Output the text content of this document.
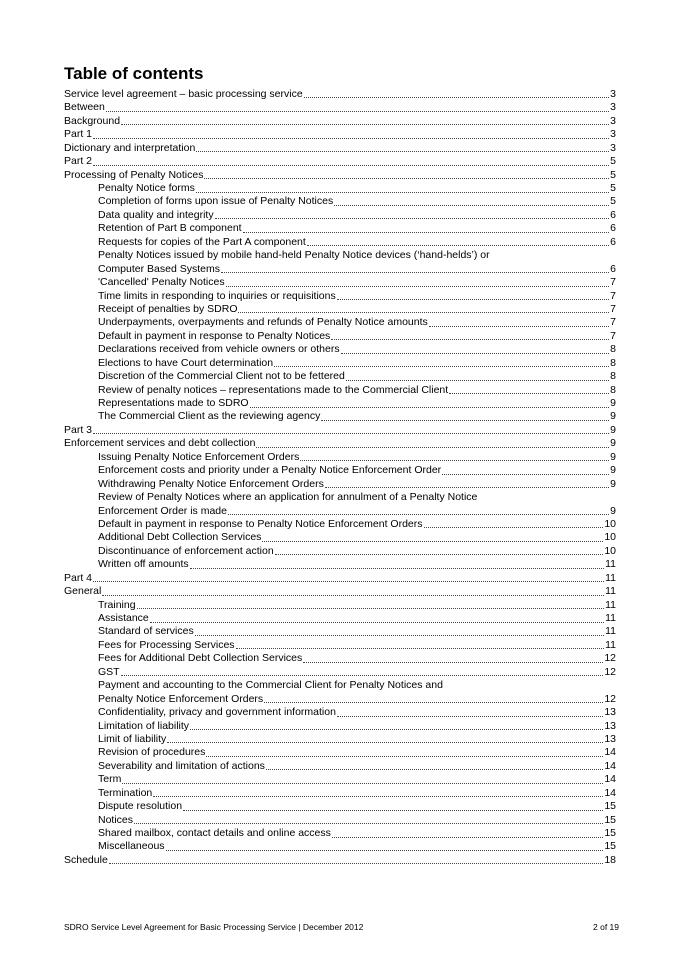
Table of contents
Service level agreement – basic processing service	3
Between	3
Background	3
Part 1	3
Dictionary and interpretation	3
Part 2	5
Processing of Penalty Notices	5
Penalty Notice forms	5
Completion of forms upon issue of Penalty Notices	5
Data quality and integrity	6
Retention of Part B component	6
Requests for copies of the Part A component	6
Penalty Notices issued by mobile hand-held Penalty Notice devices (‘hand-helds’) or
Computer Based Systems	6
'Cancelled' Penalty Notices	7
Time limits in responding to inquiries or requisitions	7
Receipt of penalties by SDRO	7
Underpayments, overpayments and refunds of Penalty Notice amounts	7
Default in payment in response to Penalty Notices	7
Declarations received from vehicle owners or others	8
Elections to have Court determination	8
Discretion of the Commercial Client not to be fettered	8
Review of penalty notices – representations made to the Commercial Client	8
Representations made to SDRO	9
The Commercial Client as the reviewing agency	9
Part 3	9
Enforcement services and debt collection	9
Issuing Penalty Notice Enforcement Orders	9
Enforcement costs and priority under a Penalty Notice Enforcement Order	9
Withdrawing Penalty Notice Enforcement Orders	9
Review of Penalty Notices where an application for annulment of a Penalty Notice
Enforcement Order is made	9
Default in payment in response to Penalty Notice Enforcement Orders	10
Additional Debt Collection Services	10
Discontinuance of enforcement action	10
Written off amounts	11
Part 4	11
General	11
Training	11
Assistance	11
Standard of services	11
Fees for Processing Services	11
Fees for Additional Debt Collection Services	12
GST	12
Payment and accounting to the Commercial Client for Penalty Notices and
Penalty Notice Enforcement Orders	12
Confidentiality, privacy and government information	13
Limitation of liability	13
Limit of liability	13
Revision of procedures	14
Severability and limitation of actions	14
Term	14
Termination	14
Dispute resolution	15
Notices	15
Shared mailbox, contact details and online access	15
Miscellaneous	15
Schedule	18
SDRO Service Level Agreement for Basic Processing Service | December 2012	2 of 19
